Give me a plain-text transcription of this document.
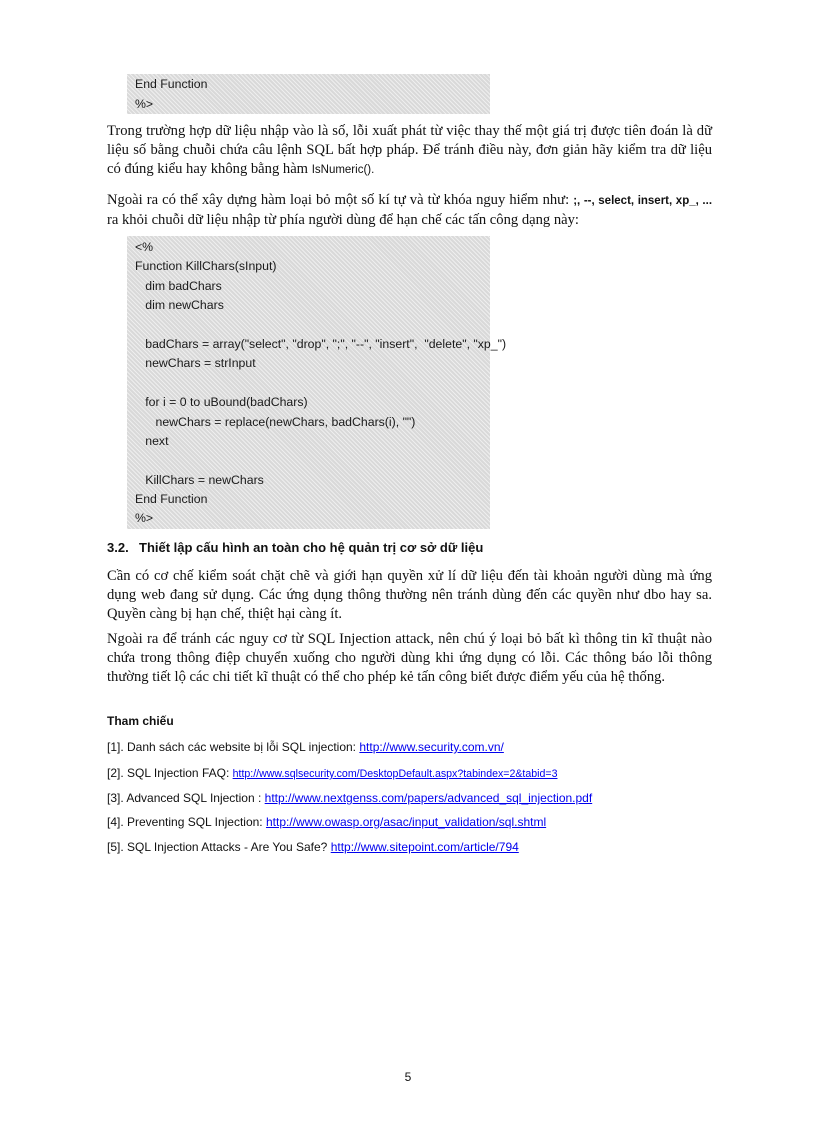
End Function
%>

Trong trường hợp dữ liệu nhập vào là số, lỗi xuất phát từ việc thay thế một giá trị được tiên đoán là dữ liệu số bằng chuỗi chứa câu lệnh SQL bất hợp pháp. Để tránh điều này, đơn giản hãy kiểm tra dữ liệu có đúng kiểu hay không bằng hàm IsNumeric().

Ngoài ra có thể xây dựng hàm loại bỏ một số kí tự và từ khóa nguy hiểm như: ;, --, select, insert, xp_, ... ra khỏi chuỗi dữ liệu nhập từ phía người dùng để hạn chế các tấn công dạng này:

<%
Function KillChars(sInput)
dim badChars
dim newChars
badChars = array("select", "drop", ";", "--", "insert",  "delete", "xp_")
newChars = strInput
for i = 0 to uBound(badChars)
newChars = replace(newChars, badChars(i), "")
next
KillChars = newChars
End Function
%>
3.2. Thiết lập cấu hình an toàn cho hệ quản trị cơ sở dữ liệu

Cần có cơ chế kiểm soát chặt chẽ và giới hạn quyền xử lí dữ liệu đến tài khoản người dùng mà ứng dụng web đang sử dụng. Các ứng dụng thông thường nên tránh dùng đến các quyền như dbo hay sa. Quyền càng bị hạn chế, thiệt hại càng ít.

Ngoài ra để tránh các nguy cơ từ SQL Injection attack, nên chú ý loại bỏ bất kì thông tin kĩ thuật nào chứa trong thông điệp chuyển xuống cho người dùng khi ứng dụng có lỗi. Các thông báo lỗi thông thường tiết lộ các chi tiết kĩ thuật có thể cho phép kẻ tấn công biết được điểm yếu của hệ thống.

Tham chiếu
[1]. Danh sách các website bị lỗi SQL injection: http://www.security.com.vn/
[2]. SQL Injection FAQ: http://www.sqlsecurity.com/DesktopDefault.aspx?tabindex=2&tabid=3
[3]. Advanced SQL Injection : http://www.nextgenss.com/papers/advanced_sql_injection.pdf
[4]. Preventing SQL Injection: http://www.owasp.org/asac/input_validation/sql.shtml
[5]. SQL Injection Attacks - Are You Safe? http://www.sitepoint.com/article/794
5
